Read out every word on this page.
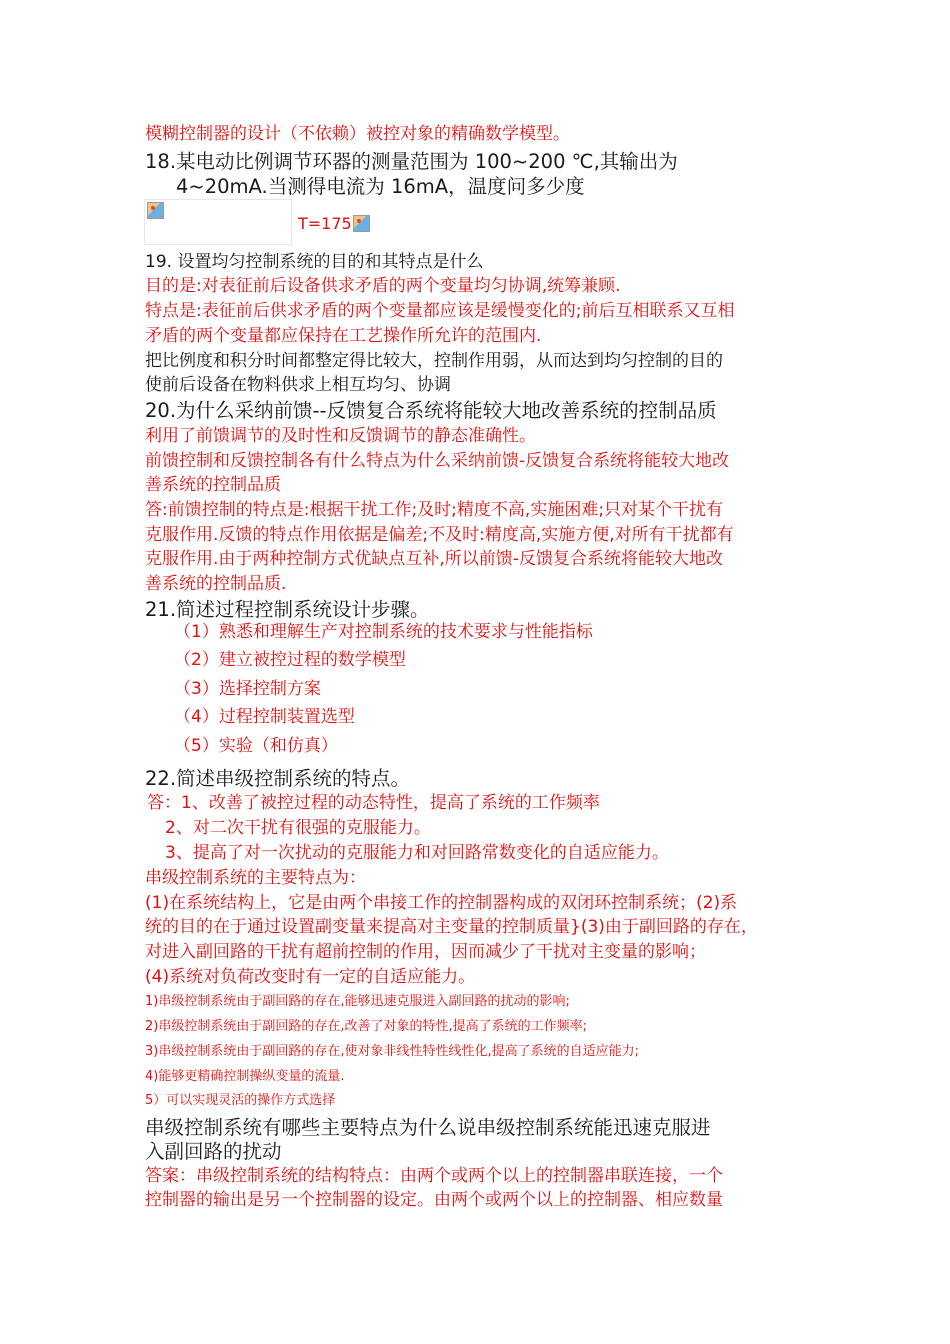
模糊控制器的设计（不依赖）被控对象的精确数学模型。
18.某电动比例调节环器的测量范围为 100~200 ℃,其输出为
4~20mA.当测得电流为 16mA，温度问多少度
T=175
19. 设置均匀控制系统的目的和其特点是什么
目的是:对表征前后设备供求矛盾的两个变量均匀协调,统筹兼顾.
特点是:表征前后供求矛盾的两个变量都应该是缓慢变化的;前后互相联系又互相
矛盾的两个变量都应保持在工艺操作所允许的范围内.
把比例度和积分时间都整定得比较大，控制作用弱，从而达到均匀控制的目的
使前后设备在物料供求上相互均匀、协调
20.为什么采纳前馈--反馈复合系统将能较大地改善系统的控制品质
利用了前馈调节的及时性和反馈调节的静态准确性。
前馈控制和反馈控制各有什么特点为什么采纳前馈-反馈复合系统将能较大地改
善系统的控制品质
答:前馈控制的特点是:根据干扰工作;及时;精度不高,实施困难;只对某个干扰有
克服作用.反馈的特点作用依据是偏差;不及时:精度高,实施方便,对所有干扰都有
克服作用.由于两种控制方式优缺点互补,所以前馈-反馈复合系统将能较大地改
善系统的控制品质.
21.简述过程控制系统设计步骤。
（1）熟悉和理解生产对控制系统的技术要求与性能指标
（2）建立被控过程的数学模型
（3）选择控制方案
（4）过程控制装置选型
（5）实验（和仿真）
22.简述串级控制系统的特点。
答：1、改善了被控过程的动态特性，提高了系统的工作频率
2、对二次干扰有很强的克服能力。
3、提高了对一次扰动的克服能力和对回路常数变化的自适应能力。
串级控制系统的主要特点为：
(1)在系统结构上，它是由两个串接工作的控制器构成的双闭环控制系统；(2)系
统的目的在于通过设置副变量来提高对主变量的控制质量}(3)由于副回路的存在，
对进入副回路的干扰有超前控制的作用，因而减少了干扰对主变量的影响；
(4)系统对负荷改变时有一定的自适应能力。
1)串级控制系统由于副回路的存在,能够迅速克服进入副回路的扰动的影响;
2)串级控制系统由于副回路的存在,改善了对象的特性,提高了系统的工作频率;
3)串级控制系统由于副回路的存在,使对象非线性特性线性化,提高了系统的自适应能力;
4)能够更精确控制操纵变量的流量.
5）可以实现灵活的操作方式选择
串级控制系统有哪些主要特点为什么说串级控制系统能迅速克服进
入副回路的扰动
答案：串级控制系统的结构特点：由两个或两个以上的控制器串联连接，一个
控制器的输出是另一个控制器的设定。由两个或两个以上的控制器、相应数量
